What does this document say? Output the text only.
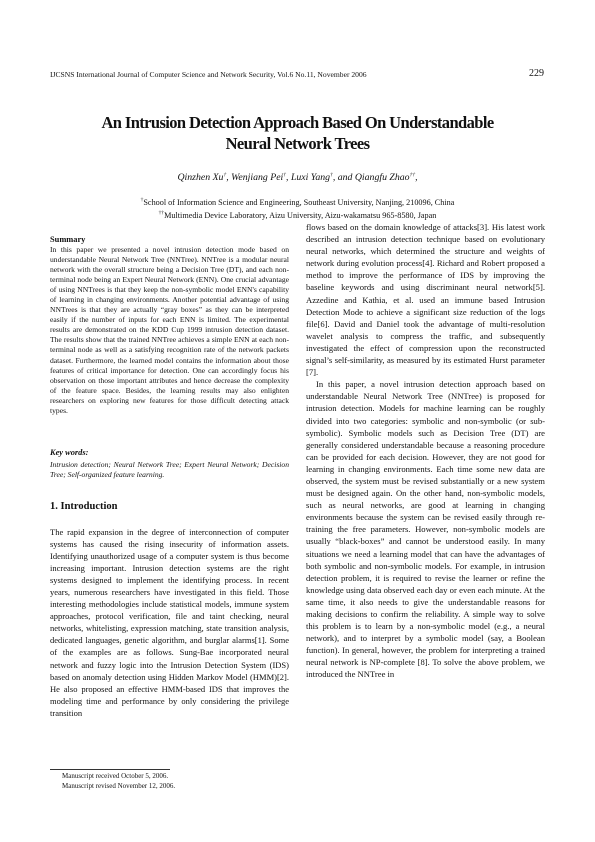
IJCSNS International Journal of Computer Science and Network Security, Vol.6 No.11, November 2006	229
An Intrusion Detection Approach Based On Understandable
Neural Network Trees
Qinzhen Xu†, Wenjiang Pei†, Luxi Yang†, and Qiangfu Zhao††,
†School of Information Science and Engineering, Southeast University, Nanjing, 210096, China
††Multimedia Device Laboratory, Aizu University, Aizu-wakamatsu 965-8580, Japan
Summary
In this paper we presented a novel intrusion detection mode based on understandable Neural Network Tree (NNTree). NNTree is a modular neural network with the overall structure being a Decision Tree (DT), and each non-terminal node being an Expert Neural Network (ENN). One crucial advantage of using NNTrees is that they keep the non-symbolic model ENN's capability of learning in changing environments. Another potential advantage of using NNTrees is that they are actually “gray boxes” as they can be interpreted easily if the number of inputs for each ENN is limited. The experimental results are demonstrated on the KDD Cup 1999 intrusion detection dataset. The results show that the trained NNTree achieves a simple ENN at each non-terminal node as well as a satisfying recognition rate of the network packets dataset. Furthermore, the learned model contains the information about those features of critical importance for detection. One can accordingly focus his observation on those important attributes and hence decrease the complexity of the feature space. Besides, the learning results may also enlighten researchers on exploring new features for those difficult detecting attack types.
Key words:
Intrusion detection; Neural Network Tree; Expert Neural Network; Decision Tree; Self-organized feature learning.
1. Introduction
The rapid expansion in the degree of interconnection of computer systems has caused the rising insecurity of information assets. Identifying unauthorized usage of a computer system is thus become increasing important. Intrusion detection systems are the right systems designed to implement the identifying process. In recent years, numerous researchers have investigated in this field. Those interesting methodologies include statistical models, immune system approaches, protocol verification, file and taint checking, neural networks, whitelisting, expression matching, state transition analysis, dedicated languages, genetic algorithm, and burglar alarms[1]. Some of the examples are as follows. Sung-Bae incorporated neural network and fuzzy logic into the Intrusion Detection System (IDS) based on anomaly detection using Hidden Markov Model (HMM)[2]. He also proposed an effective HMM-based IDS that improves the modeling time and performance by only considering the privilege transition

flows based on the domain knowledge of attacks[3]. His latest work described an intrusion detection technique based on evolutionary neural networks, which determined the structure and weights of network during evolution process[4]. Richard and Robert proposed a method to improve the performance of IDS by improving the baseline keywords and using discriminant neural network[5]. Azzedine and Kathia, et al. used an immune based Intrusion Detection Mode to achieve a significant size reduction of the logs file[6]. David and Daniel took the advantage of multi-resolution wavelet analysis to compress the traffic, and subsequently investigated the effect of compression upon the reconstructed signal’s self-similarity, as measured by its estimated Hurst parameter [7].

In this paper, a novel intrusion detection approach based on understandable Neural Network Tree (NNTree) is proposed for intrusion detection. Models for machine learning can be roughly divided into two categories: symbolic and non-symbolic (or sub-symbolic). Symbolic models such as Decision Tree (DT) are generally considered understandable because a reasoning procedure can be provided for each decision. However, they are not good for learning in changing environments. Each time some new data are observed, the system must be revised substantially or a new system must be designed again. On the other hand, non-symbolic models, such as neural networks, are good at learning in changing environments because the system can be revised easily through re-training the free parameters. However, non-symbolic models are usually “black-boxes” and cannot be understood easily. In many situations we need a learning model that can have the advantages of both symbolic and non-symbolic models. For example, in intrusion detection problem, it is required to revise the learner or refine the knowledge using data observed each day or even each minute. At the same time, it also needs to give the understandable reasons for making decisions to confirm the reliability. A simple way to solve this problem is to learn by a non-symbolic model (e.g., a neural network), and to interpret by a symbolic model (say, a Boolean function). In general, however, the problem for interpreting a trained neural network is NP-complete [8]. To solve the above problem, we introduced the NNTree in

Manuscript received October 5, 2006.
Manuscript revised November 12, 2006.
